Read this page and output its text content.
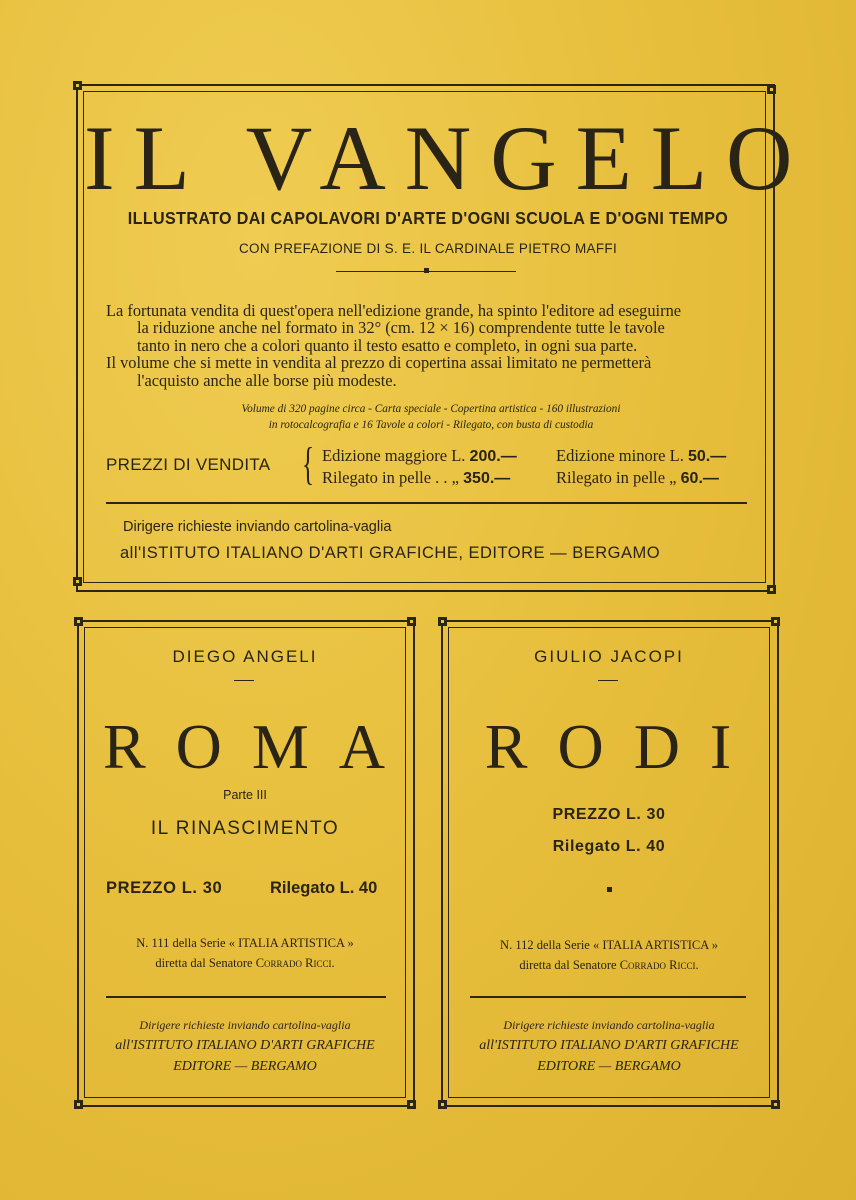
IL VANGELO
ILLUSTRATO DAI CAPOLAVORI D'ARTE D'OGNI SCUOLA E D'OGNI TEMPO
CON PREFAZIONE DI S. E. IL CARDINALE PIETRO MAFFI
La fortunata vendita di quest'opera nell'edizione grande, ha spinto l'editore ad eseguirne
la riduzione anche nel formato in 32° (cm. 12 × 16) comprendente tutte le tavole
tanto in nero che a colori quanto il testo esatto e completo, in ogni sua parte.
Il volume che si mette in vendita al prezzo di copertina assai limitato ne permetterà
l'acquisto anche alle borse più modeste.
Volume di 320 pagine circa - Carta speciale - Copertina artistica - 160 illustrazioni
in rotocalcografia e 16 Tavole a colori - Rilegato, con busta di custodia
PREZZI DI VENDITA { Edizione maggiore L. 200.— Edizione minore L. 50.—
Rilegato in pelle . . „ 350.—	Rilegato in pelle „ 60.—
Dirigere richieste inviando cartolina-vaglia
all'ISTITUTO ITALIANO D'ARTI GRAFICHE, EDITORE — BERGAMO
DIEGO ANGELI
ROMA
Parte III
IL RINASCIMENTO
PREZZO L. 30	Rilegato L. 40
N. 111 della Serie « ITALIA ARTISTICA »
diretta dal Senatore Corrado Ricci.
Dirigere richieste inviando cartolina-vaglia
all'ISTITUTO ITALIANO D'ARTI GRAFICHE
EDITORE — BERGAMO
GIULIO JACOPI
RODI
PREZZO L. 30
Rilegato L. 40
N. 112 della Serie « ITALIA ARTISTICA »
diretta dal Senatore Corrado Ricci.
Dirigere richieste inviando cartolina-vaglia
all'ISTITUTO ITALIANO D'ARTI GRAFICHE
EDITORE — BERGAMO
